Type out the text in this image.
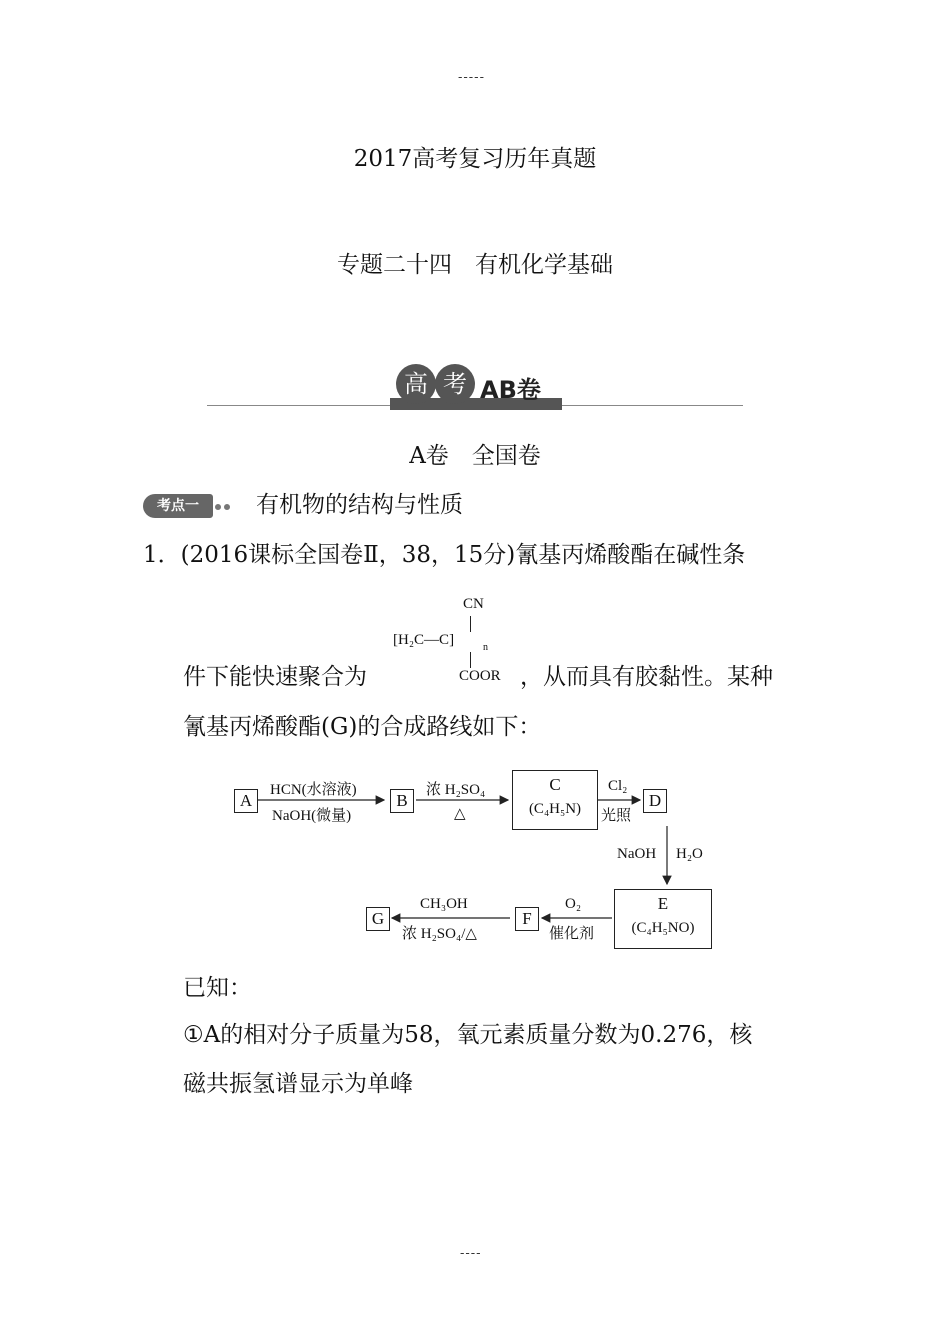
-----
2017高考复习历年真题
专题二十四　有机化学基础
高 考 AB卷
A卷　全国卷
考点一	有机物的结构与性质
1．(2016课标全国卷Ⅱ，38，15分)氰基丙烯酸酯在碱性条
CN
[H₂C—C]	n
COOR
件下能快速聚合为	，从而具有胶黏性。某种
氰基丙烯酸酯(G)的合成路线如下：
A	B
C
(C₄H₅N)	D
E
(C₄H₅NO)
F
G
HCN(水溶液)
NaOH(微量)
浓 H₂SO₄
△
Cl₂
光照
NaOH H₂O
O₂
催化剂
CH₃OH
浓 H₂SO₄/△
已知：
①A的相对分子质量为58，氧元素质量分数为0.276，核
磁共振氢谱显示为单峰
----
